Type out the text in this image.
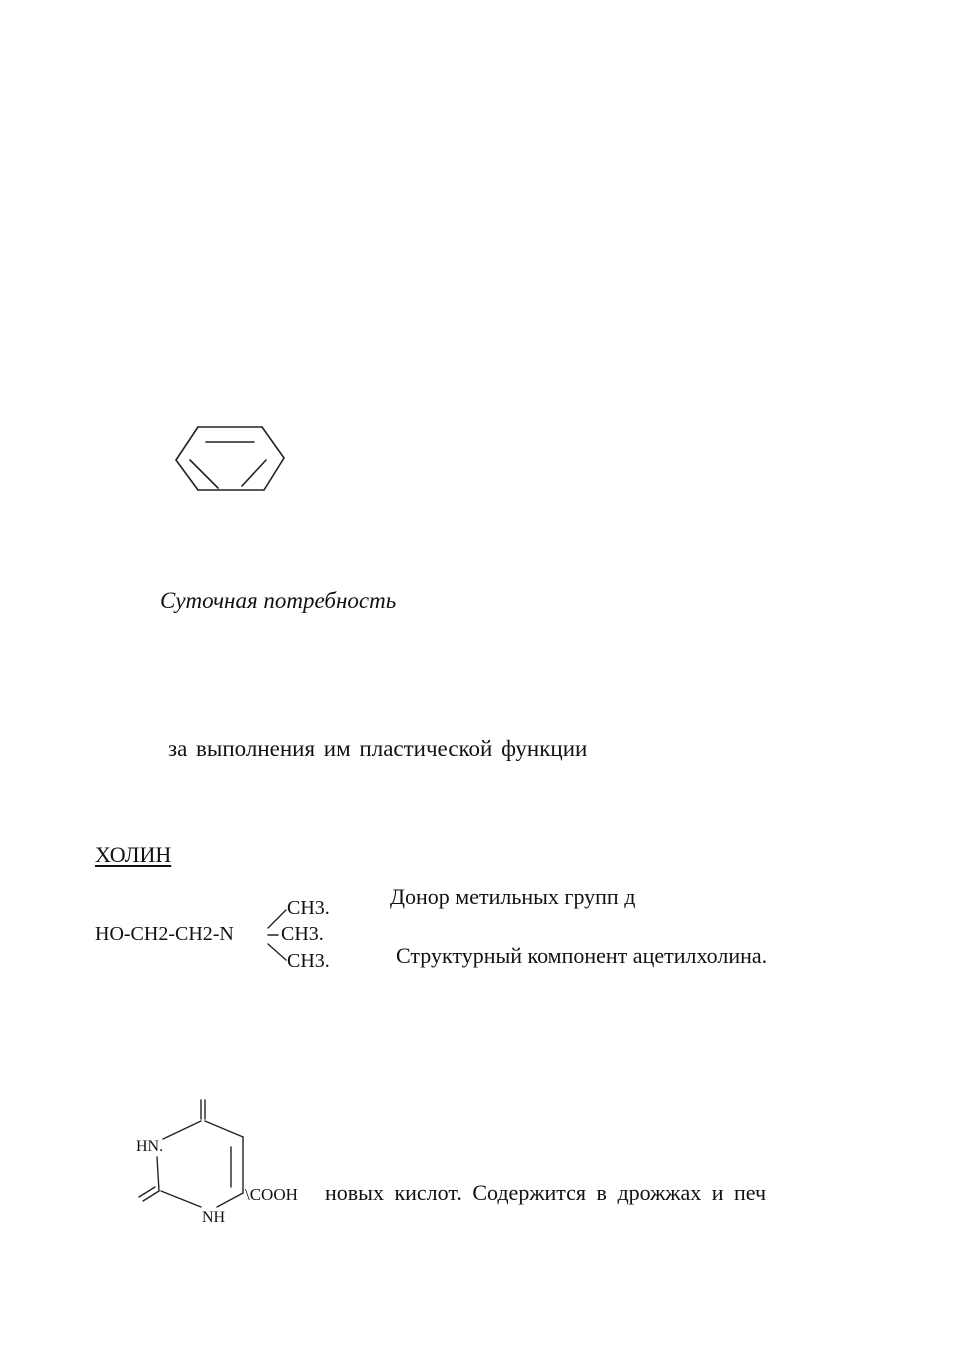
Суточная потребность
за выполнения им пластической функции
ХОЛИН
HO-CH2-CH2-N
CH3.
CH3.
CH3.
Донор метильных групп д
Структурный компонент ацетилхолина.
HN.
NH
\COOH новых кислот. Содержится в дрожжах и печ
